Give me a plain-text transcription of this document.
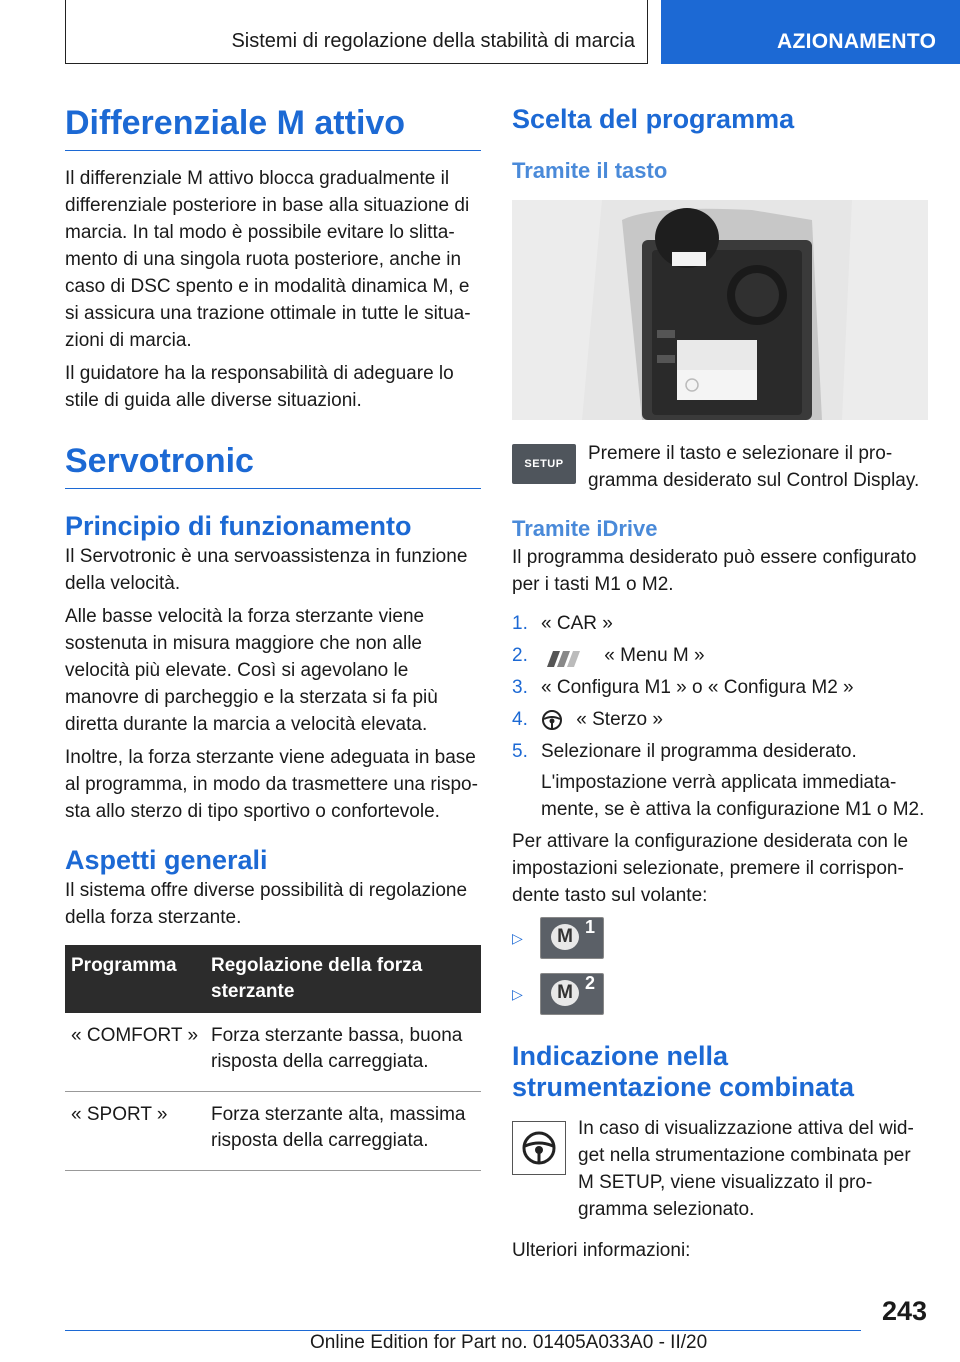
Sistemi di regolazione della stabilità di marcia	AZIONAMENTO
Differenziale M attivo

Il differenziale M attivo blocca gradualmente il differenziale posteriore in base alla situazione di marcia. In tal modo è possibile evitare lo slittamento di una singola ruota posteriore, anche in caso di DSC spento e in modalità dinamica M, e si assicura una trazione ottimale in tutte le situazioni di marcia.

Il guidatore ha la responsabilità di adeguare lo stile di guida alle diverse situazioni.

Servotronic
Principio di funzionamento

Il Servotronic è una servoassistenza in funzione della velocità.

Alle basse velocità la forza sterzante viene sostenuta in misura maggiore che non alle velocità più elevate. Così si agevolano le manovre di parcheggio e la sterzata si fa più diretta durante la marcia a velocità elevata.

Inoltre, la forza sterzante viene adeguata in base al programma, in modo da trasmettere una risposta allo sterzo di tipo sportivo o confortevole.

Aspetti generali

Il sistema offre diverse possibilità di regolazione della forza sterzante.

Programma	Regolazione della forza sterzante
« COMFORT »	Forza sterzante bassa, buona risposta della carreggiata.
« SPORT »	Forza sterzante alta, massima risposta della carreggiata.
Scelta del programma
Tramite il tasto
SETUP Premere il tasto e selezionare il programma desiderato sul Control Display.

Tramite iDrive

Il programma desiderato può essere configurato per i tasti M1 o M2.

1. « CAR »
2.	« Menu M »
3. « Configura M1 » o « Configura M2 »
4.	« Sterzo »
5. Selezionare il programma desiderato.
L'impostazione verrà applicata immediatamente, se è attiva la configurazione M1 o M2.

Per attivare la configurazione desiderata con le impostazioni selezionate, premere il corrispondente tasto sul volante:

▷	M 1
▷	M 2
Indicazione nella strumentazione combinata

In caso di visualizzazione attiva del widget nella strumentazione combinata per M SETUP, viene visualizzato il programma selezionato.

Ulteriori informazioni:

243
Online Edition for Part no. 01405A033A0 - II/20
